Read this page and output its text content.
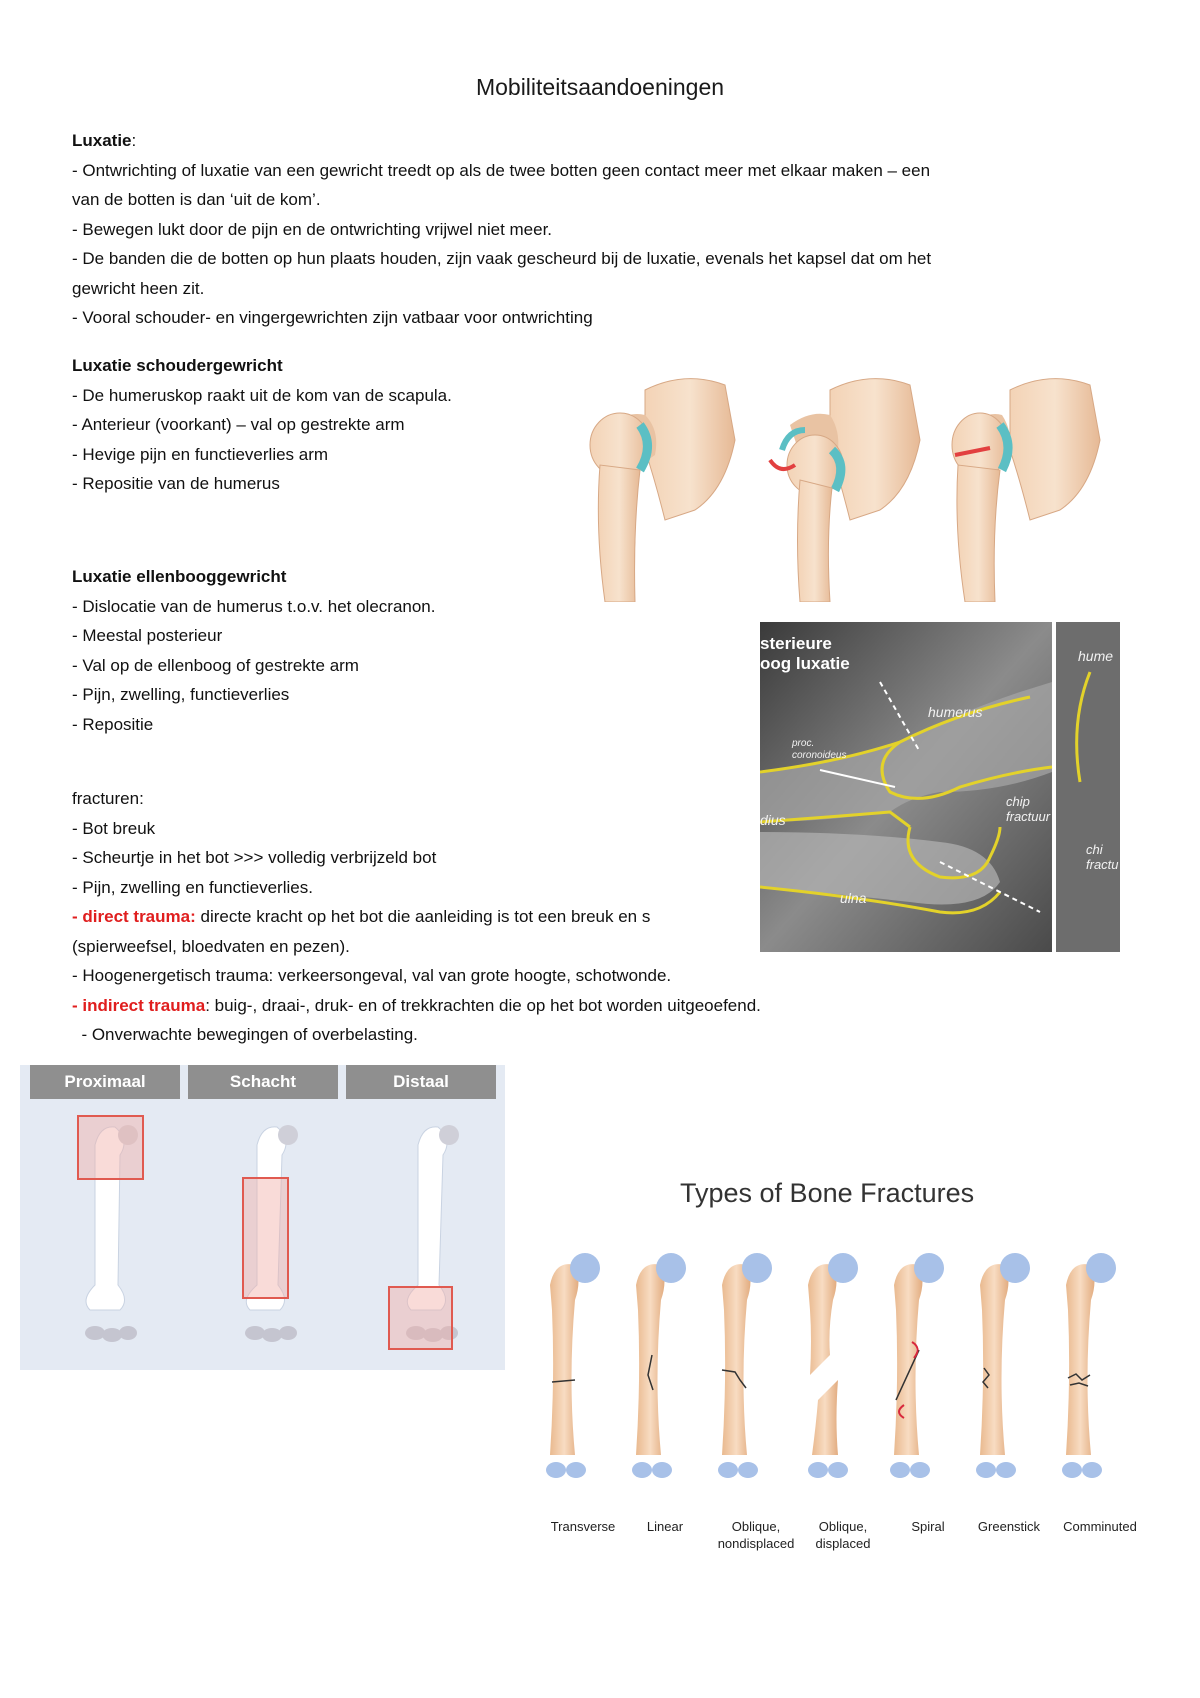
Mobiliteitsaandoeningen

Luxatie:

- Ontwrichting of luxatie van een gewricht treedt op als de twee botten geen contact meer met elkaar maken – een

van de botten is dan ‘uit de kom’.

- Bewegen lukt door de pijn en de ontwrichting vrijwel niet meer.

- De banden die de botten op hun plaats houden, zijn vaak gescheurd bij de luxatie, evenals het kapsel dat om het

gewricht heen zit.

- Vooral schouder- en vingergewrichten zijn vatbaar voor ontwrichting

Luxatie schoudergewricht

- De humeruskop raakt uit de kom van de scapula.

- Anterieur (voorkant) – val op gestrekte arm

- Hevige pijn en functieverlies arm

- Repositie van de humerus

Luxatie ellenbooggewricht

- Dislocatie van de humerus t.o.v. het olecranon.

- Meestal posterieur

- Val op de ellenboog of gestrekte arm

- Pijn, zwelling, functieverlies

- Repositie

fracturen:

- Bot breuk

- Scheurtje in het bot >>> volledig verbrijzeld bot

- Pijn, zwelling en functieverlies.

- direct trauma: directe kracht op het bot die aanleiding is tot een breuk en s

(spierweefsel, bloedvaten en pezen).

- Hoogenergetisch trauma: verkeersongeval, val van grote hoogte, schotwonde.

- indirect trauma: buig-, draai-, druk- en of trekkrachten die op het bot worden uitgeoefend.

- Onverwachte bewegingen of overbelasting.

sterieure
oog luxatie
humerus
proc.
coronoideus
chip
fractuur
dius
ulna
hume
chi
fractu
Proximaal	Schacht	Distaal
Types of Bone Fractures
Transverse	Linear	Oblique,
nondisplaced
Oblique,
displaced
Spiral	Greenstick	Comminuted
